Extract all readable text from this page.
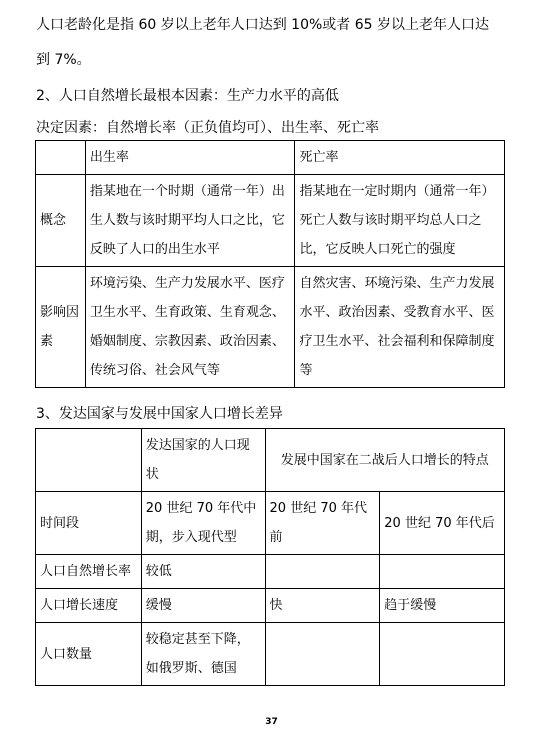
人口老龄化是指 60 岁以上老年人口达到 10%或者 65 岁以上老年人口达
到 7%。
2、人口自然增长最根本因素：生产力水平的高低
决定因素：自然增长率（正负值均可）、出生率、死亡率
	出生率	死亡率
概念	指某地在一个时期（通常一年）出生人数与该时期平均人口之比，它反映了人口的出生水平	指某地在一定时期内（通常一年）死亡人数与该时期平均总人口之比，它反映人口死亡的强度
影响因素	环境污染、生产力发展水平、医疗卫生水平、生育政策、生育观念、婚姻制度、宗教因素、政治因素、传统习俗、社会风气等	自然灾害、环境污染、生产力发展水平、政治因素、受教育水平、医疗卫生水平、社会福利和保障制度等
3、发达国家与发展中国家人口增长差异
	发达国家的人口现状	发展中国家在二战后人口增长的特点	
时间段	20 世纪 70 年代中期，步入现代型	20 世纪 70 年代前	20 世纪 70 年代后
人口自然增长率	较低		
人口增长速度	缓慢	快	趋于缓慢
人口数量	较稳定甚至下降，如俄罗斯、德国		
37
